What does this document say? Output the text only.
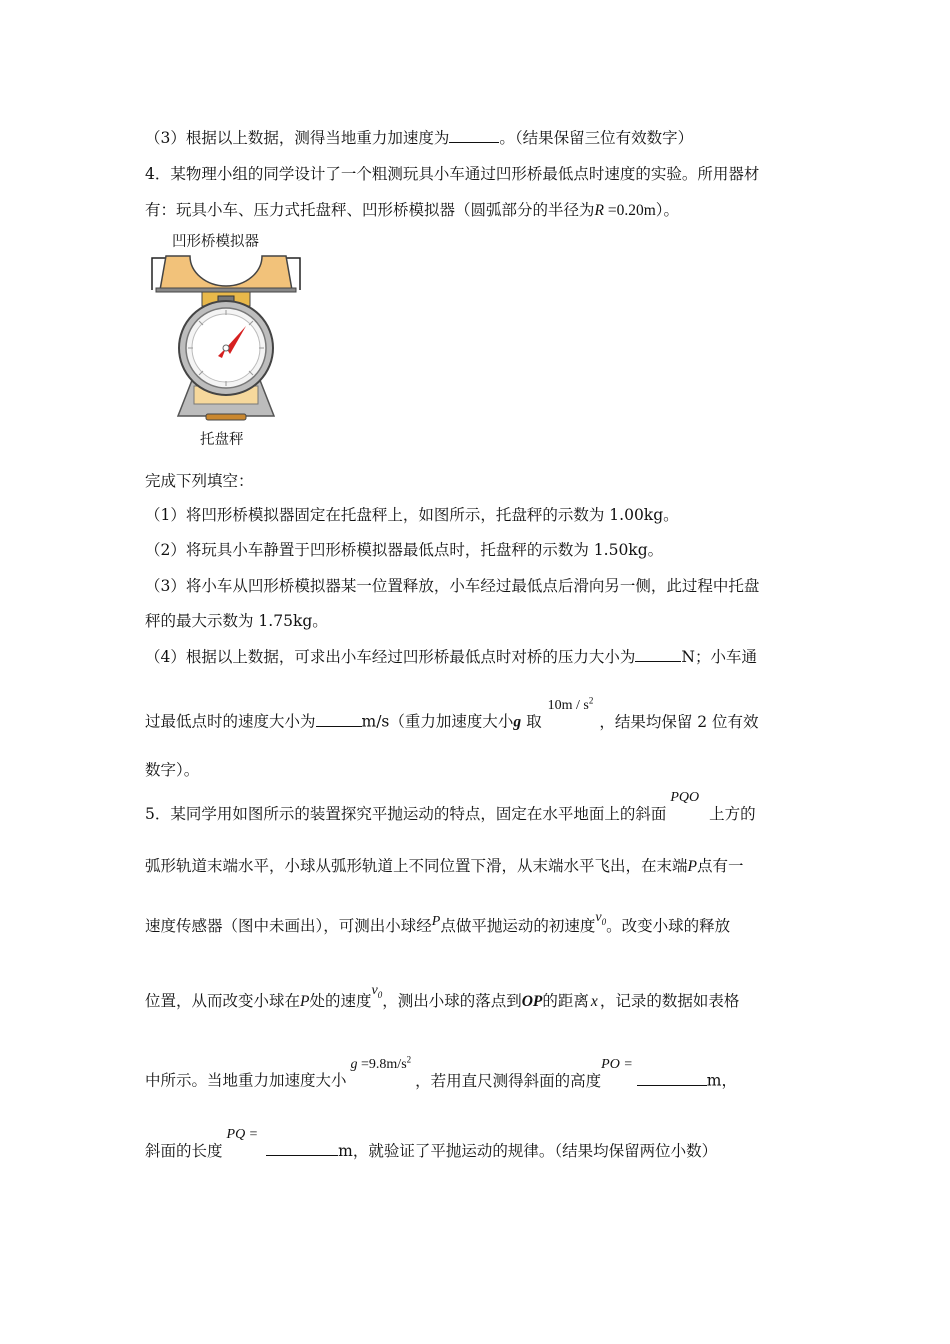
（3）根据以上数据，测得当地重力加速度为	。（结果保留三位有效数字）
4．某物理小组的同学设计了一个粗测玩具小车通过凹形桥最低点时速度的实验。所用器材
有：玩具小车、压力式托盘秤、凹形桥模拟器（圆弧部分的半径为R =0.20m）。
凹形桥模拟器
托盘秤
完成下列填空：
（1）将凹形桥模拟器固定在托盘秤上，如图所示，托盘秤的示数为 1.00kg。
（2）将玩具小车静置于凹形桥模拟器最低点时，托盘秤的示数为 1.50kg。
（3）将小车从凹形桥模拟器某一位置释放，小车经过最低点后滑向另一侧，此过程中托盘
秤的最大示数为 1.75kg。
（4）根据以上数据，可求出小车经过凹形桥最低点时对桥的压力大小为	N；小车通
过最低点时的速度大小为	m/s（重力加速度大小g 取$10m / s^2$，结果均保留 2 位有效
数字）。
5．某同学用如图所示的装置探究平抛运动的特点，固定在水平地面上的斜面PQO上方的
弧形轨道末端水平，小球从弧形轨道上不同位置下滑，从末端水平飞出，在末端P点有一
速度传感器（图中未画出），可测出小球经P点做平抛运动的初速度$v_0$。改变小球的释放
位置，从而改变小球在P处的速度$v_0$，测出小球的落点到OP的距离 x ，记录的数据如表格
中所示。当地重力加速度大小$g =9.8m/s^2$，若用直尺测得斜面的高度PO =m，
斜面的长度PQ =m，就验证了平抛运动的规律。（结果均保留两位小数）
